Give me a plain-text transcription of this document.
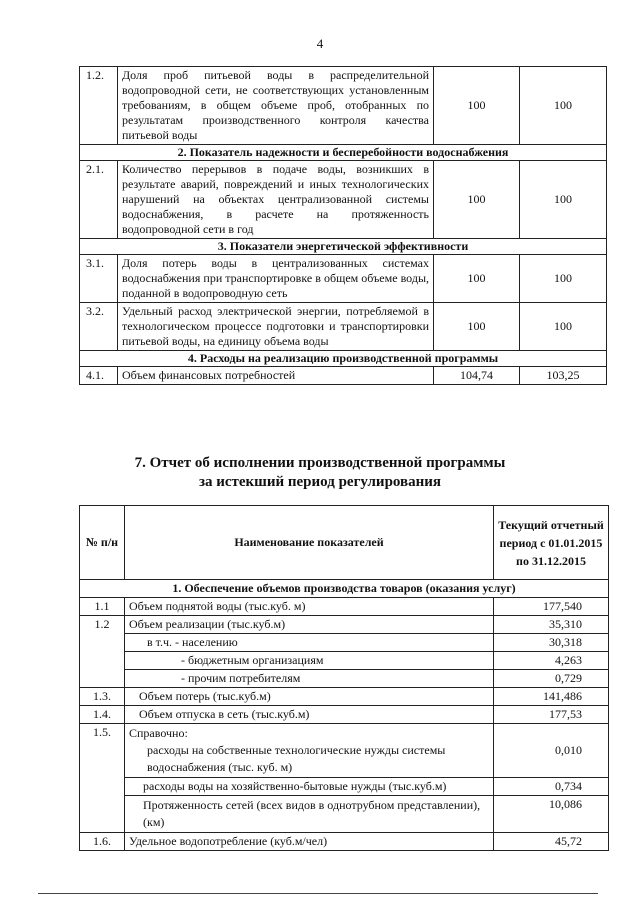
4
1.2.	Доля проб питьевой воды в распределительной водопроводной сети, не соответствующих установленным требованиям, в общем объеме проб, отобранных по результатам производственного контроля качества питьевой воды	100	100
2. Показатель надежности и бесперебойности водоснабжения			
2.1.	Количество перерывов в подаче воды, возникших в результате аварий, повреждений и иных технологических нарушений на объектах централизованной системы водоснабжения, в расчете на протяженность водопроводной сети в год	100	100
3. Показатели энергетической эффективности			
3.1.	Доля потерь воды в централизованных системах водоснабжения при транспортировке в общем объеме воды, поданной в водопроводную сеть	100	100
3.2.	Удельный расход электрической энергии, потребляемой в технологическом процессе подготовки и транспортировки питьевой воды, на единицу объема воды	100	100
4. Расходы на реализацию производственной программы			
4.1.	Объем финансовых потребностей	104,74	103,25
7. Отчет об исполнении производственной программы
за истекший период регулирования
№ п/н	Наименование показателей	Текущий отчетный период с 01.01.2015 по 31.12.2015
1. Обеспечение объемов производства товаров (оказания услуг)		
1.1	Объем поднятой воды (тыс.куб. м)	177,540
1.2	Объем реализации (тыс.куб.м)	35,310
	в т.ч. - населению	30,318
	- бюджетным организациям	4,263
	- прочим потребителям	0,729
1.3.	Объем потерь (тыс.куб.м)	141,486
1.4.	Объем отпуска в сеть (тыс.куб.м)	177,53
1.5.	Справочно:
расходы на собственные технологические нужды системы водоснабжения (тыс. куб. м)	0,010
	расходы воды на хозяйственно-бытовые нужды (тыс.куб.м)	0,734
	Протяженность сетей (всех видов в однотрубном представлении), (км)	10,086
1.6.	Удельное водопотребление (куб.м/чел)	45,72
